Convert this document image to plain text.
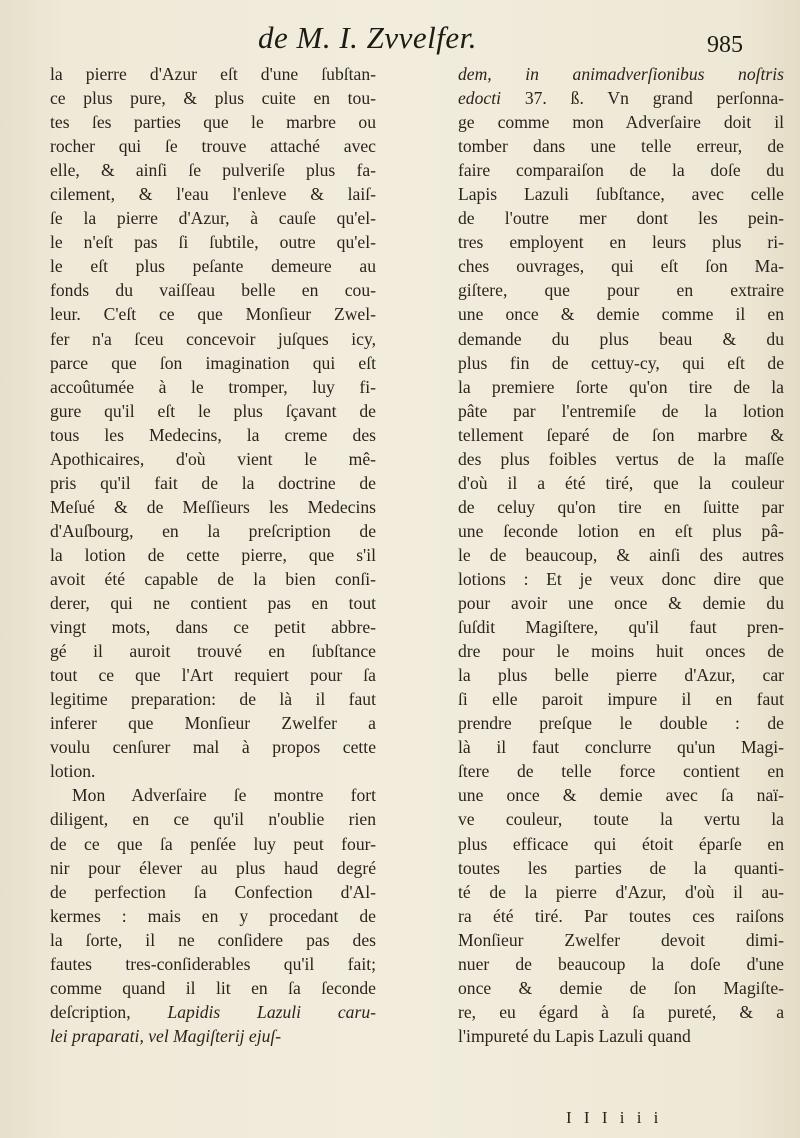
de M. I. Zvvelfer.	985
la pierre d'Azur eſt d'une ſubſtan-
ce plus pure, & plus cuite en tou-
tes ſes parties que le marbre ou
rocher qui ſe trouve attaché avec
elle, & ainſi ſe pulveriſe plus fa-
cilement, & l'eau l'enleve & laiſ-
ſe la pierre d'Azur, à cauſe qu'el-
le n'eſt pas ſi ſubtile, outre qu'el-
le eſt plus peſante demeure au
fonds du vaiſſeau belle en cou-
leur. C'eſt ce que Monſieur Zwel-
fer n'a ſceu concevoir juſques icy,
parce que ſon imagination qui eſt
accoûtumée à le tromper, luy fi-
gure qu'il eſt le plus ſçavant de
tous les Medecins, la creme des
Apothicaires, d'où vient le mê-
pris qu'il fait de la doctrine de
Meſué & de Meſſieurs les Medecins
d'Auſbourg, en la preſcription de
la lotion de cette pierre, que s'il
avoit été capable de la bien conſi-
derer, qui ne contient pas en tout
vingt mots, dans ce petit abbre-
gé il auroit trouvé en ſubſtance
tout ce que l'Art requiert pour ſa
legitime preparation: de là il faut
inferer que Monſieur Zwelfer a
voulu cenſurer mal à propos cette
lotion.
Mon Adverſaire ſe montre fort
diligent, en ce qu'il n'oublie rien
de ce que ſa penſée luy peut four-
nir pour élever au plus haud degré
de perfection ſa Confection d'Al-
kermes : mais en y procedant de
la ſorte, il ne conſidere pas des
fautes tres-conſiderables qu'il fait;
comme quand il lit en ſa ſeconde
deſcription, Lapidis Lazuli caru-
lei praparati, vel Magiſterij ejuſ-
dem, in animadverſionibus noſtris
edocti 37. ß. Vn grand perſonna-
ge comme mon Adverſaire doit il
tomber dans une telle erreur, de
faire comparaiſon de la doſe du
Lapis Lazuli ſubſtance, avec celle
de l'outre mer dont les pein-
tres employent en leurs plus ri-
ches ouvrages, qui eſt ſon Ma-
giſtere, que pour en extraire
une once & demie comme il en
demande du plus beau & du
plus fin de cettuy-cy, qui eſt de
la premiere ſorte qu'on tire de la
pâte par l'entremiſe de la lotion
tellement ſeparé de ſon marbre &
des plus foibles vertus de la maſſe
d'où il a été tiré, que la couleur
de celuy qu'on tire en ſuitte par
une ſeconde lotion en eſt plus pâ-
le de beaucoup, & ainſi des autres
lotions : Et je veux donc dire que
pour avoir une once & demie du
ſuſdit Magiſtere, qu'il faut pren-
dre pour le moins huit onces de
la plus belle pierre d'Azur, car
ſi elle paroit impure il en faut
prendre preſque le double : de
là il faut conclurre qu'un Magi-
ſtere de telle force contient en
une once & demie avec ſa naï-
ve couleur, toute la vertu la
plus efficace qui étoit éparſe en
toutes les parties de la quanti-
té de la pierre d'Azur, d'où il au-
ra été tiré. Par toutes ces raiſons
Monſieur Zwelfer devoit dimi-
nuer de beaucoup la doſe d'une
once & demie de ſon Magiſte-
re, eu égard à ſa pureté, & a
l'impureté du Lapis Lazuli quand
I I I i i i
